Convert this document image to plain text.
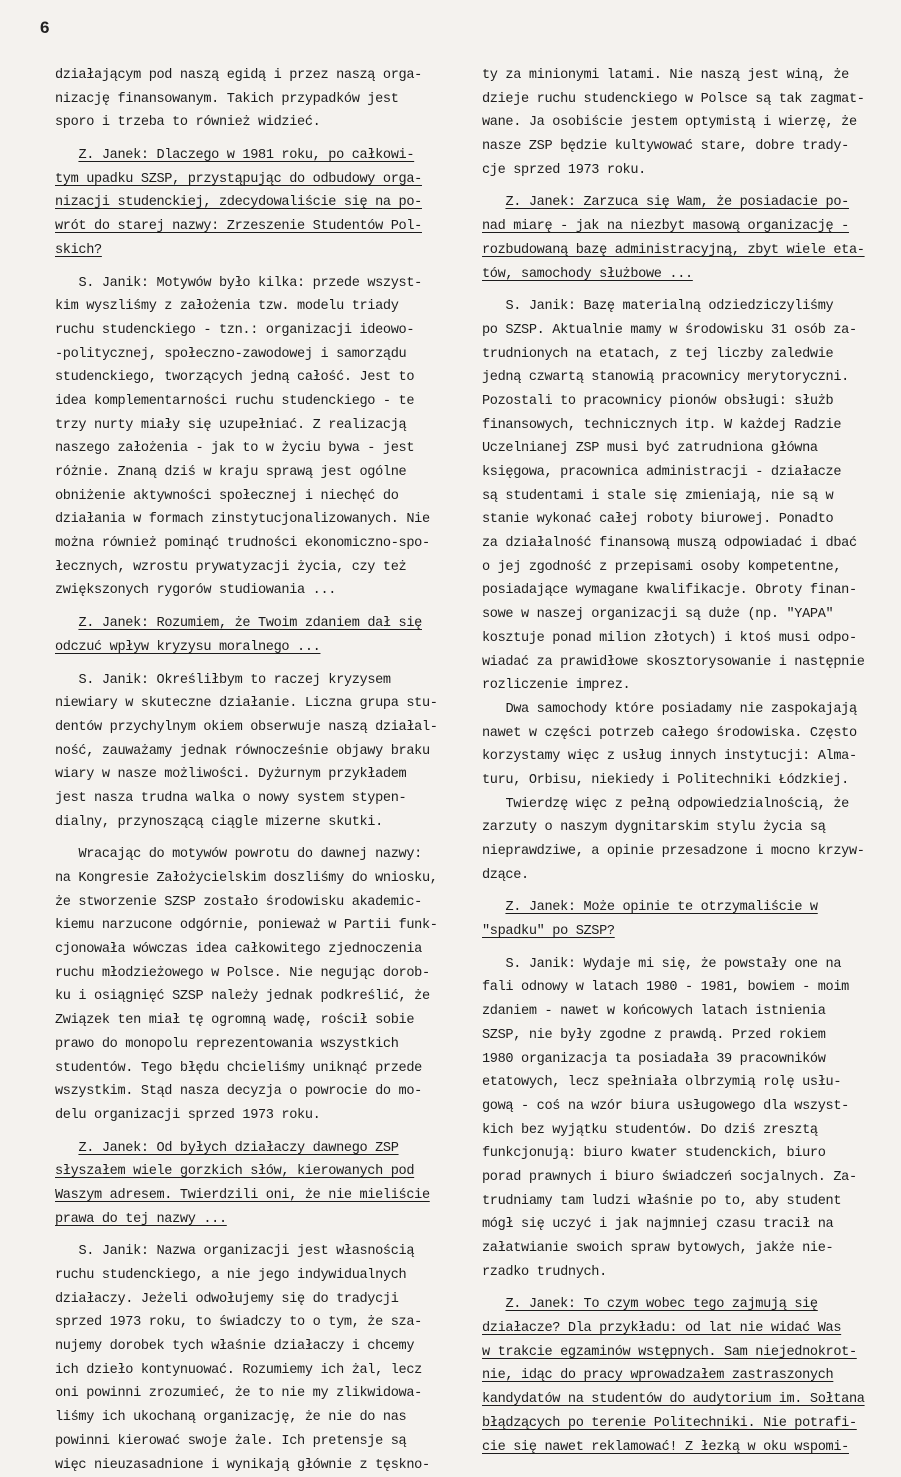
6
działającym pod naszą egidą i przez naszą orga-
nizację finansowanym. Takich przypadków jest
sporo i trzeba to również widzieć.
Z. Janek: Dlaczego w 1981 roku, po całkowi-
tym upadku SZSP, przystąpując do odbudowy orga-
nizacji studenckiej, zdecydowaliście się na po-
wrót do starej nazwy: Zrzeszenie Studentów Pol-
skich?
S. Janik: Motywów było kilka: przede wszyst-
kim wyszliśmy z założenia tzw. modelu triady
ruchu studenckiego - tzn.: organizacji ideowo-
-politycznej, społeczno-zawodowej i samorządu
studenckiego, tworzących jedną całość. Jest to
idea komplementarności ruchu studenckiego - te
trzy nurty miały się uzupełniać. Z realizacją
naszego założenia - jak to w życiu bywa - jest
różnie. Znaną dziś w kraju sprawą jest ogólne
obniżenie aktywności społecznej i niechęć do
działania w formach zinstytucjonalizowanych. Nie
można również pominąć trudności ekonomiczno-spo-
łecznych, wzrostu prywatyzacji życia, czy też
zwiększonych rygorów studiowania ...
Z. Janek: Rozumiem, że Twoim zdaniem dał się
odczuć wpływ kryzysu moralnego ...
S. Janik: Określiłbym to raczej kryzysem
niewiary w skuteczne działanie. Liczna grupa stu-
dentów przychylnym okiem obserwuje naszą działal-
ność, zauważamy jednak równocześnie objawy braku
wiary w nasze możliwości. Dyżurnym przykładem
jest nasza trudna walka o nowy system stypen-
dialny, przynoszącą ciągle mizerne skutki.
Wracając do motywów powrotu do dawnej nazwy:
na Kongresie Założycielskim doszliśmy do wniosku,
że stworzenie SZSP zostało środowisku akademic-
kiemu narzucone odgórnie, ponieważ w Partii funk-
cjonowała wówczas idea całkowitego zjednoczenia
ruchu młodzieżowego w Polsce. Nie negując dorob-
ku i osiągnięć SZSP należy jednak podkreślić, że
Związek ten miał tę ogromną wadę, rościł sobie
prawo do monopolu reprezentowania wszystkich
studentów. Tego błędu chcieliśmy uniknąć przede
wszystkim. Stąd nasza decyzja o powrocie do mo-
delu organizacji sprzed 1973 roku.
Z. Janek: Od byłych działaczy dawnego ZSP
słyszałem wiele gorzkich słów, kierowanych pod
Waszym adresem. Twierdzili oni, że nie mieliście
prawa do tej nazwy ...
S. Janik: Nazwa organizacji jest własnością
ruchu studenckiego, a nie jego indywidualnych
działaczy. Jeżeli odwołujemy się do tradycji
sprzed 1973 roku, to świadczy to o tym, że sza-
nujemy dorobek tych właśnie działaczy i chcemy
ich dzieło kontynuować. Rozumiemy ich żal, lecz
oni powinni zrozumieć, że to nie my zlikwidowa-
liśmy ich ukochaną organizację, że nie do nas
powinni kierować swoje żale. Ich pretensje są
więc nieuzasadnione i wynikają głównie z tęskno-
ty za minionymi latami. Nie naszą jest winą, że
dzieje ruchu studenckiego w Polsce są tak zagmat-
wane. Ja osobiście jestem optymistą i wierzę, że
nasze ZSP będzie kultywować stare, dobre trady-
cje sprzed 1973 roku.
Z. Janek: Zarzuca się Wam, że posiadacie po-
nad miarę - jak na niezbyt masową organizację -
rozbudowaną bazę administracyjną, zbyt wiele eta-
tów, samochody służbowe ...
S. Janik: Bazę materialną odziedziczyliśmy
po SZSP. Aktualnie mamy w środowisku 31 osób za-
trudnionych na etatach, z tej liczby zaledwie
jedną czwartą stanowią pracownicy merytoryczni.
Pozostali to pracownicy pionów obsługi: służb
finansowych, technicznych itp. W każdej Radzie
Uczelnianej ZSP musi być zatrudniona główna
księgowa, pracownica administracji - działacze
są studentami i stale się zmieniają, nie są w
stanie wykonać całej roboty biurowej. Ponadto
za działalność finansową muszą odpowiadać i dbać
o jej zgodność z przepisami osoby kompetentne,
posiadające wymagane kwalifikacje. Obroty finan-
sowe w naszej organizacji są duże (np. "YAPA"
kosztuje ponad milion złotych) i ktoś musi odpo-
wiadać za prawidłowe skosztorysowanie i następnie
rozliczenie imprez.
Dwa samochody które posiadamy nie zaspokajają
nawet w części potrzeb całego środowiska. Często
korzystamy więc z usług innych instytucji: Alma-
turu, Orbisu, niekiedy i Politechniki Łódzkiej.
Twierdzę więc z pełną odpowiedzialnością, że
zarzuty o naszym dygnitarskim stylu życia są
nieprawdziwe, a opinie przesadzone i mocno krzyw-
dzące.
Z. Janek: Może opinie te otrzymaliście w
"spadku" po SZSP?
S. Janik: Wydaje mi się, że powstały one na
fali odnowy w latach 1980 - 1981, bowiem - moim
zdaniem - nawet w końcowych latach istnienia
SZSP, nie były zgodne z prawdą. Przed rokiem
1980 organizacja ta posiadała 39 pracowników
etatowych, lecz spełniała olbrzymią rolę usłu-
gową - coś na wzór biura usługowego dla wszyst-
kich bez wyjątku studentów. Do dziś zresztą
funkcjonują: biuro kwater studenckich, biuro
porad prawnych i biuro świadczeń socjalnych. Za-
trudniamy tam ludzi właśnie po to, aby student
mógł się uczyć i jak najmniej czasu tracił na
załatwianie swoich spraw bytowych, jakże nie-
rzadko trudnych.
Z. Janek: To czym wobec tego zajmują się
działacze? Dla przykładu: od lat nie widać Was
w trakcie egzaminów wstępnych. Sam niejednokrot-
nie, idąc do pracy wprowadzałem zastraszonych
kandydatów na studentów do audytorium im. Sołtana
błądzących po terenie Politechniki. Nie potrafi-
cie się nawet reklamować! Z łezką w oku wspomi-
